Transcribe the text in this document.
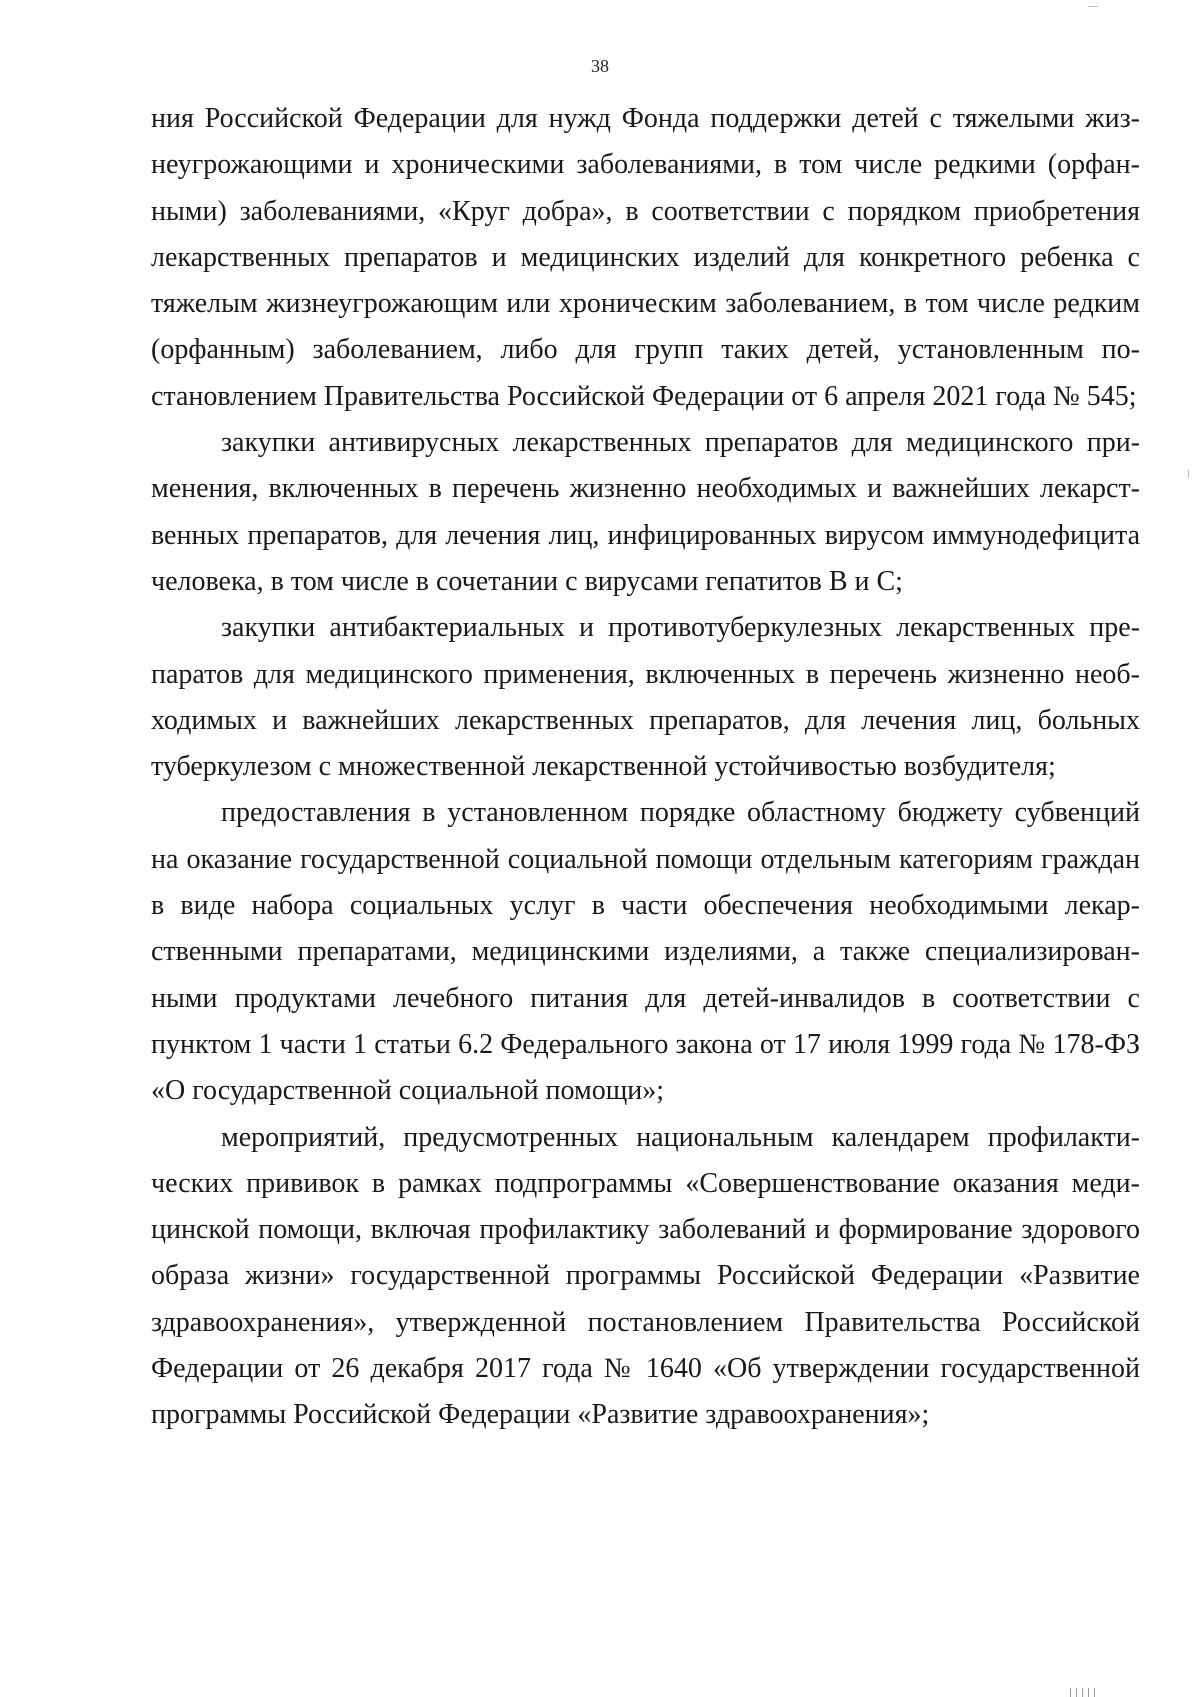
38

ния Российской Федерации для нужд Фонда поддержки детей с тяжелыми жизнеугрожающими и хроническими заболеваниями, в том числе редкими (орфанными) заболеваниями, «Круг добра», в соответствии с порядком приобретения лекарственных препаратов и медицинских изделий для конкретного ребенка с тяжелым жизнеугрожающим или хроническим заболеванием, в том числе редким (орфанным) заболеванием, либо для групп таких детей, установленным постановлением Правительства Российской Федерации от 6 апреля 2021 года № 545;

закупки антивирусных лекарственных препаратов для медицинского применения, включенных в перечень жизненно необходимых и важнейших лекарственных препаратов, для лечения лиц, инфицированных вирусом иммунодефицита человека, в том числе в сочетании с вирусами гепатитов В и С;

закупки антибактериальных и противотуберкулезных лекарственных препаратов для медицинского применения, включенных в перечень жизненно необходимых и важнейших лекарственных препаратов, для лечения лиц, больных туберкулезом с множественной лекарственной устойчивостью возбудителя;

предоставления в установленном порядке областному бюджету субвенций на оказание государственной социальной помощи отдельным категориям граждан в виде набора социальных услуг в части обеспечения необходимыми лекарственными препаратами, медицинскими изделиями, а также специализированными продуктами лечебного питания для детей-инвалидов в соответствии с пунктом 1 части 1 статьи 6.2 Федерального закона от 17 июля 1999 года № 178-ФЗ «О государственной социальной помощи»;

мероприятий, предусмотренных национальным календарем профилактических прививок в рамках подпрограммы «Совершенствование оказания медицинской помощи, включая профилактику заболеваний и формирование здорового образа жизни» государственной программы Российской Федерации «Развитие здравоохранения», утвержденной постановлением Правительства Российской Федерации от 26 декабря 2017 года № 1640 «Об утверждении государственной программы Российской Федерации «Развитие здравоохранения»;
